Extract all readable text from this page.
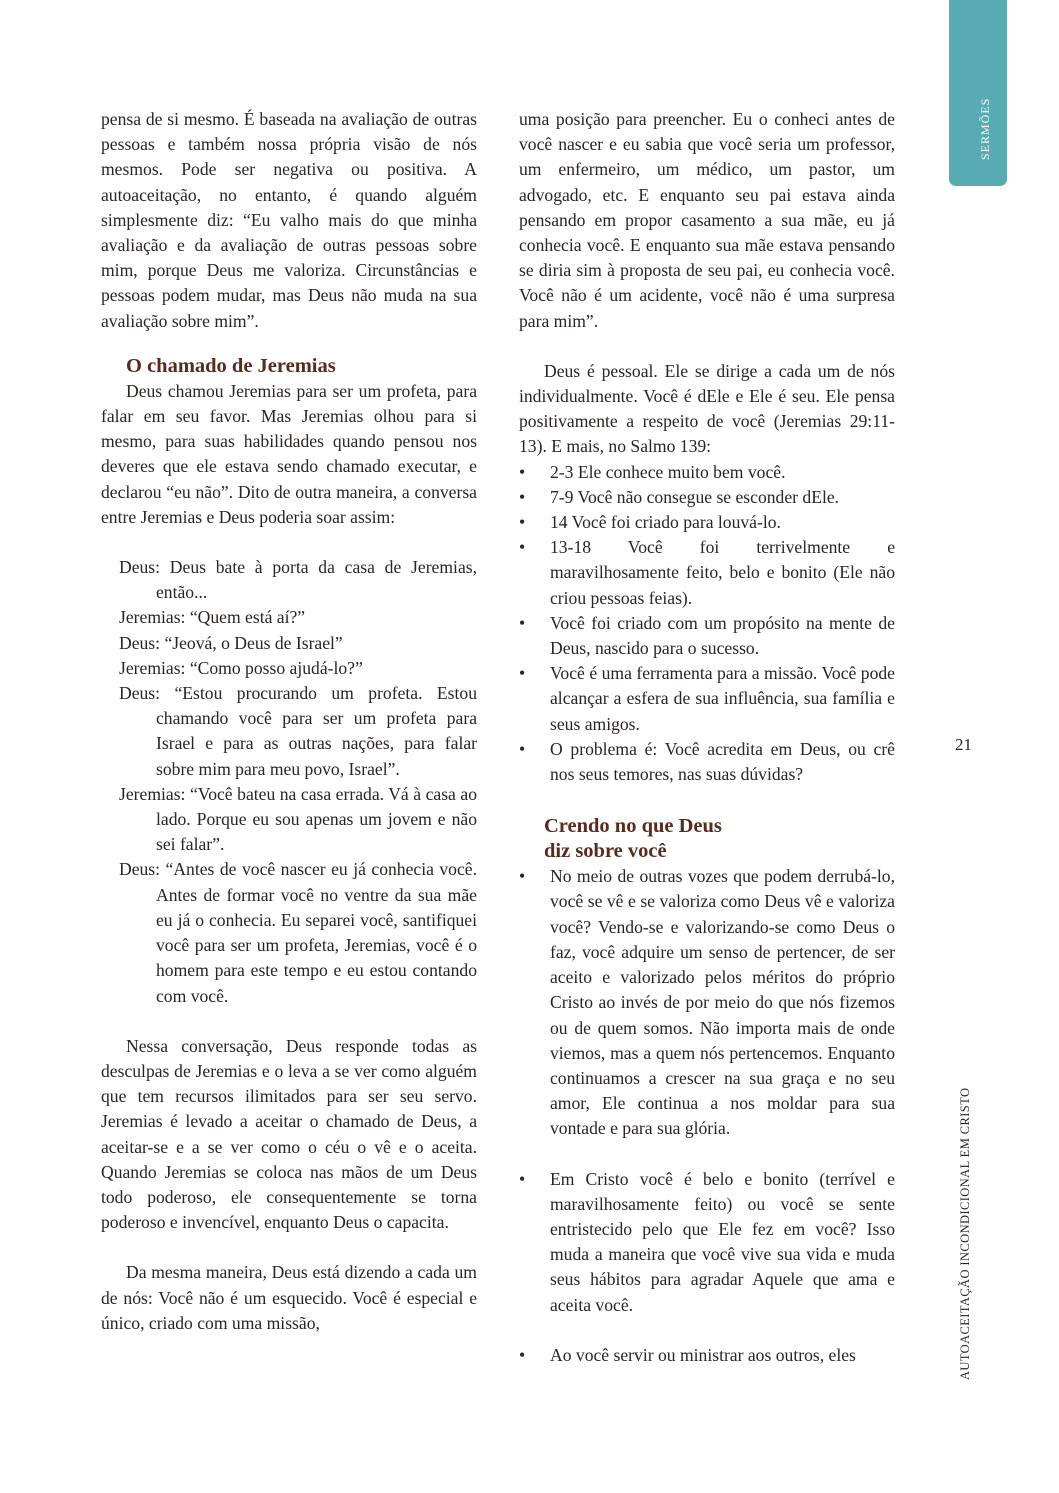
SERMÕES

pensa de si mesmo. É baseada na avaliação de outras pessoas e também nossa própria visão de nós mesmos. Pode ser negativa ou positiva. A autoaceitação, no entanto, é quando alguém simplesmente diz: “Eu valho mais do que minha avaliação e da avaliação de outras pessoas sobre mim, porque Deus me valoriza. Circunstâncias e pessoas podem mudar, mas Deus não muda na sua avaliação sobre mim”.

O chamado de Jeremias

Deus chamou Jeremias para ser um profeta, para falar em seu favor. Mas Jeremias olhou para si mesmo, para suas habilidades quando pensou nos deveres que ele estava sendo chamado executar, e declarou “eu não”. Dito de outra maneira, a conversa entre Jeremias e Deus poderia soar assim:

Deus: Deus bate à porta da casa de Jeremias, então...

Jeremias: “Quem está aí?”

Deus: “Jeová, o Deus de Israel”

Jeremias: “Como posso ajudá-lo?”

Deus: “Estou procurando um profeta. Estou chamando você para ser um profeta para Israel e para as outras nações, para falar sobre mim para meu povo, Israel”.

Jeremias: “Você bateu na casa errada. Vá à casa ao lado. Porque eu sou apenas um jovem e não sei falar”.

Deus: “Antes de você nascer eu já conhecia você. Antes de formar você no ventre da sua mãe eu já o conhecia. Eu separei você, santifiquei você para ser um profeta, Jeremias, você é o homem para este tempo e eu estou contando com você.

Nessa conversação, Deus responde todas as desculpas de Jeremias e o leva a se ver como alguém que tem recursos ilimitados para ser seu servo. Jeremias é levado a aceitar o chamado de Deus, a aceitar-se e a se ver como o céu o vê e o aceita. Quando Jeremias se coloca nas mãos de um Deus todo poderoso, ele consequentemente se torna poderoso e invencível, enquanto Deus o capacita.

Da mesma maneira, Deus está dizendo a cada um de nós: Você não é um esquecido. Você é especial e único, criado com uma missão,

uma posição para preencher. Eu o conheci antes de você nascer e eu sabia que você seria um professor, um enfermeiro, um médico, um pastor, um advogado, etc. E enquanto seu pai estava ainda pensando em propor casamento a sua mãe, eu já conhecia você. E enquanto sua mãe estava pensando se diria sim à proposta de seu pai, eu conhecia você. Você não é um acidente, você não é uma surpresa para mim”.

Deus é pessoal. Ele se dirige a cada um de nós individualmente. Você é dEle e Ele é seu. Ele pensa positivamente a respeito de você (Jeremias 29:11-13). E mais, no Salmo 139:

• 2-3 Ele conhece muito bem você.
• 7-9 Você não consegue se esconder dEle.
• 14 Você foi criado para louvá-lo.
• 13-18 Você foi terrivelmente e maravilhosamente feito, belo e bonito (Ele não criou pessoas feias).
• Você foi criado com um propósito na mente de Deus, nascido para o sucesso.
• Você é uma ferramenta para a missão. Você pode alcançar a esfera de sua influência, sua família e seus amigos.
• O problema é: Você acredita em Deus, ou crê nos seus temores, nas suas dúvidas?
Crendo no que Deus
diz sobre você
• No meio de outras vozes que podem derrubá-lo, você se vê e se valoriza como Deus vê e valoriza você? Vendo-se e valorizando-se como Deus o faz, você adquire um senso de pertencer, de ser aceito e valorizado pelos méritos do próprio Cristo ao invés de por meio do que nós fizemos ou de quem somos. Não importa mais de onde viemos, mas a quem nós pertencemos. Enquanto continuamos a crescer na sua graça e no seu amor, Ele continua a nos moldar para sua vontade e para sua glória.
• Em Cristo você é belo e bonito (terrível e maravilhosamente feito) ou você se sente entristecido pelo que Ele fez em você? Isso muda a maneira que você vive sua vida e muda seus hábitos para agradar Aquele que ama e aceita você.
• Ao você servir ou ministrar aos outros, eles
21
AUTOACEITAÇÃO INCONDICIONAL EM CRISTO
